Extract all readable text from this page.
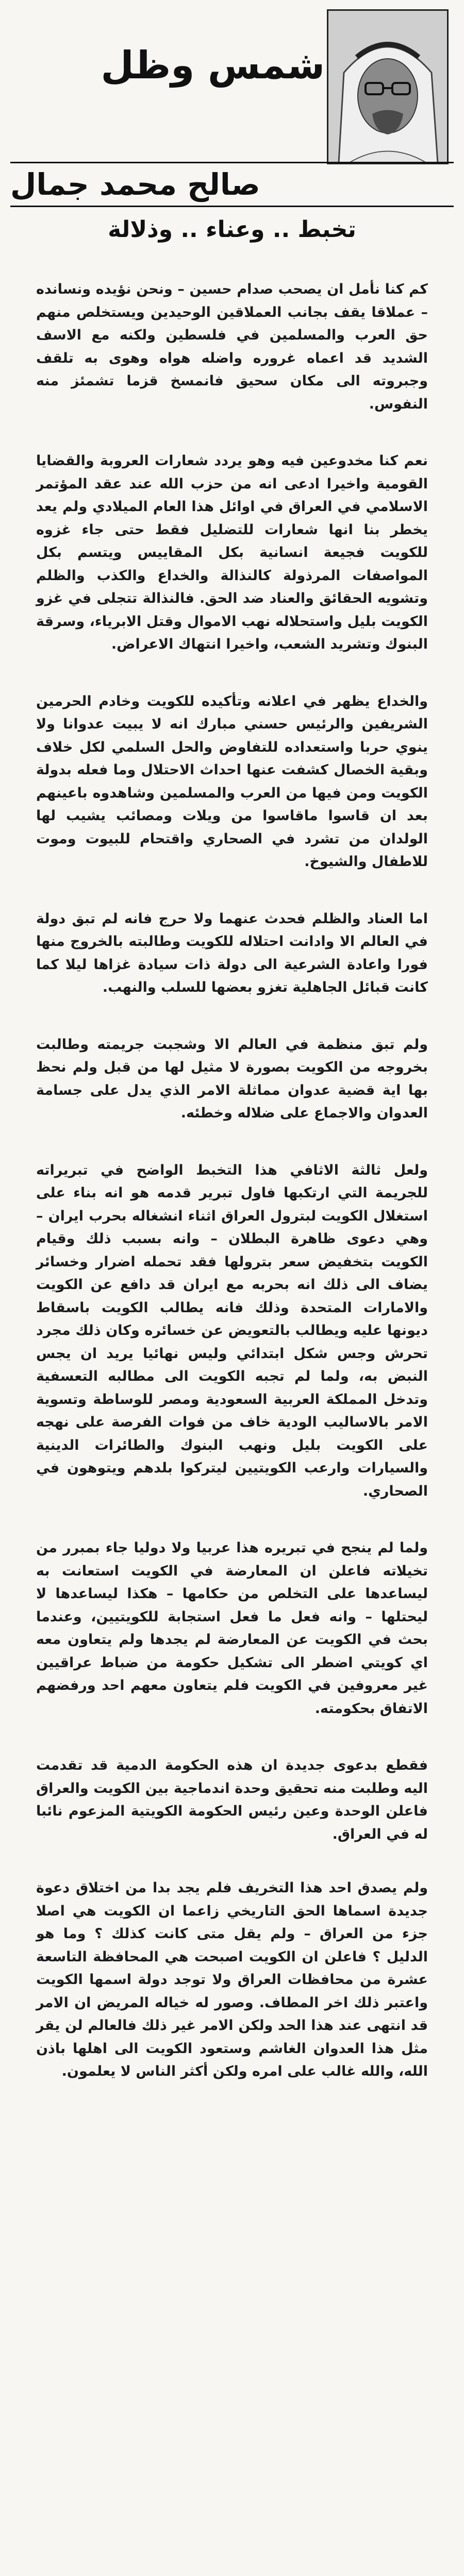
شمس وظل
صالح محمد جمال
تخبط .. وعناء .. وذلالة

كم كنا نأمل ان يصحب صدام حسين – ونحن نؤيده ونسانده – عملاقا يقف بجانب العملاقين الوحيدين ويستخلص منهم حق العرب والمسلمين في فلسطين ولكنه مع الاسف الشديد قد اعماه غروره واضله هواه وهوى به تلقف وجبروته الى مكان سحيق فانمسخ قزما تشمئز منه النفوس.

نعم كنا مخدوعين فيه وهو يردد شعارات العروبة والقضايا القومية واخيرا ادعى انه من حزب الله عند عقد المؤتمر الاسلامي في العراق في اوائل هذا العام الميلادي ولم يعد يخطر بنا انها شعارات للتضليل فقط حتى جاء غزوه للكويت فجيعة انسانية بكل المقاييس ويتسم بكل المواصفات المرذولة كالنذالة والخداع والكذب والظلم وتشويه الحقائق والعناد ضد الحق. فالنذالة تتجلى في غزو الكويت بليل واستحلاله نهب الاموال وقتل الابرياء، وسرقة البنوك وتشريد الشعب، واخيرا انتهاك الاعراض.

والخداع يظهر في اعلانه وتأكيده للكويت وخادم الحرمين الشريفين والرئيس حسني مبارك انه لا يبيت عدوانا ولا ينوي حربا واستعداده للتفاوض والحل السلمي لكل خلاف وبقية الخصال كشفت عنها احداث الاحتلال وما فعله بدولة الكويت ومن فيها من العرب والمسلمين وشاهدوه باعينهم بعد ان قاسوا ماقاسوا من ويلات ومصائب يشيب لها الولدان من تشرد في الصحاري واقتحام للبيوت وموت للاطفال والشيوخ.

اما العناد والظلم فحدث عنهما ولا حرج فانه لم تبق دولة في العالم الا وادانت احتلاله للكويت وطالبته بالخروج منها فورا واعادة الشرعية الى دولة ذات سيادة غزاها ليلا كما كانت قبائل الجاهلية تغزو بعضها للسلب والنهب.

ولم تبق منظمة في العالم الا وشجبت جريمته وطالبت بخروجه من الكويت بصورة لا مثيل لها من قبل ولم نحظ بها اية قضية عدوان مماثلة الامر الذي يدل على جسامة العدوان والاجماع على ضلاله وخطئه.

ولعل ثالثة الاثافي هذا التخبط الواضح في تبريراته للجريمة التي ارتكبها فاول تبرير قدمه هو انه بناء على استغلال الكويت لبترول العراق اثناء انشغاله بحرب ايران – وهي دعوى ظاهرة البطلان – وانه بسبب ذلك وقيام الكويت بتخفيض سعر بترولها فقد تحمله اضرار وخسائر يضاف الى ذلك انه بحربه مع ايران قد دافع عن الكويت والامارات المتحدة وذلك فانه يطالب الكويت باسقاط ديونها عليه ويطالب بالتعويض عن خسائره وكان ذلك مجرد تحرش وجس شكل ابتدائي وليس نهائيا يريد ان يجس النبض به، ولما لم تجبه الكويت الى مطالبه التعسفية وتدخل المملكة العربية السعودية ومصر للوساطة وتسوية الامر بالاساليب الودية خاف من فوات الفرصة على نهجه على الكويت بليل ونهب البنوك والطائرات الدينية والسيارات وارعب الكويتيين ليتركوا بلدهم ويتوهون في الصحاري.

ولما لم ينجح في تبريره هذا عربيا ولا دوليا جاء بمبرر من تخيلاته فاعلن ان المعارضة في الكويت استعانت به ليساعدها على التخلص من حكامها – هكذا ليساعدها لا ليحتلها – وانه فعل ما فعل استجابة للكويتيين، وعندما بحث في الكويت عن المعارضة لم يجدها ولم يتعاون معه اي كويتي اضطر الى تشكيل حكومة من ضباط عراقيين غير معروفين في الكويت فلم يتعاون معهم احد ورفضهم الاتفاق بحكومته.

فقطع بدعوى جديدة ان هذه الحكومة الدمية قد تقدمت اليه وطلبت منه تحقيق وحدة اندماجية بين الكويت والعراق فاعلن الوحدة وعين رئيس الحكومة الكويتية المزعوم نائبا له في العراق.

ولم يصدق احد هذا التخريف فلم يجد بدا من اختلاق دعوة جديدة اسماها الحق التاريخي زاعما ان الكويت هي اصلا جزء من العراق – ولم يقل متى كانت كذلك ؟ وما هو الدليل ؟ فاعلن ان الكويت اصبحت هي المحافظة التاسعة عشرة من محافظات العراق ولا توجد دولة اسمها الكويت واعتبر ذلك اخر المطاف. وصور له خياله المريض ان الامر قد انتهى عند هذا الحد ولكن الامر غير ذلك فالعالم لن يقر مثل هذا العدوان الغاشم وستعود الكويت الى اهلها باذن الله، والله غالب على امره ولكن أكثر الناس لا يعلمون.
